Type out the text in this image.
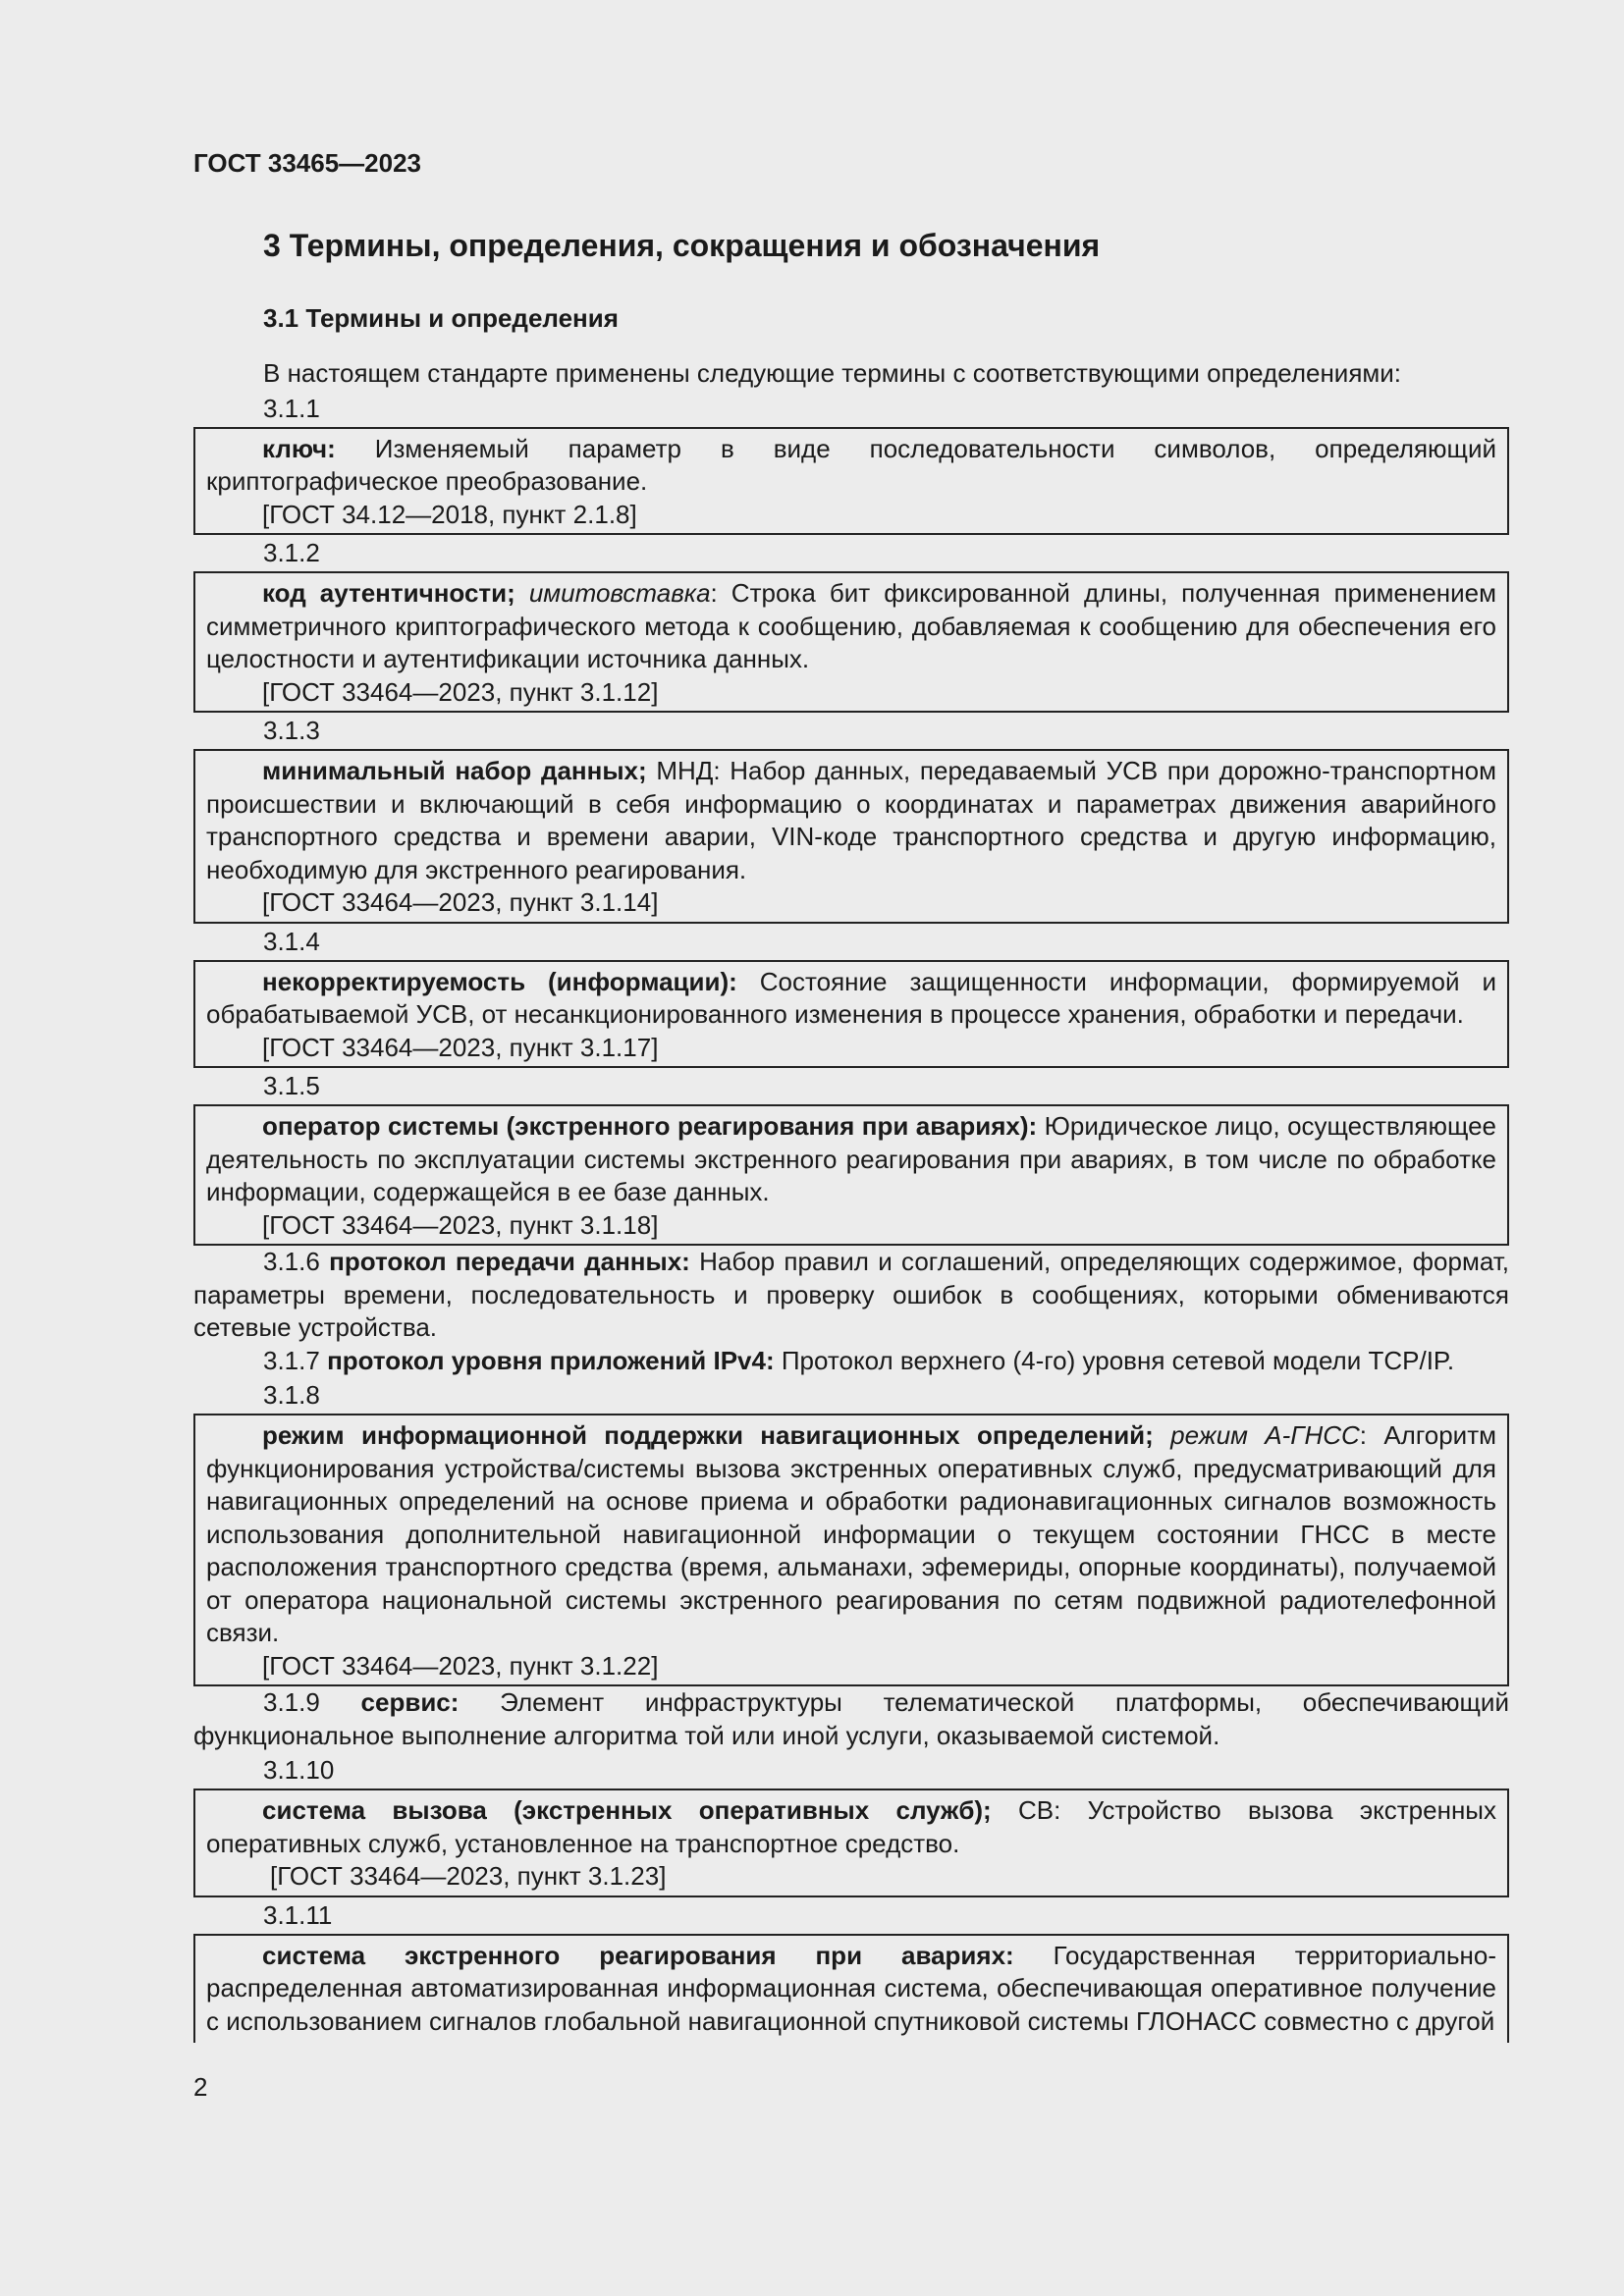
ГОСТ 33465—2023
3 Термины, определения, сокращения и обозначения
3.1 Термины и определения
В настоящем стандарте применены следующие термины с соответствующими определениями:
3.1.1

ключ: Изменяемый параметр в виде последовательности символов, определяющий криптографическое преобразование.

[ГОСТ 34.12—2018, пункт 2.1.8]
3.1.2

код аутентичности; имитовставка: Строка бит фиксированной длины, полученная применением симметричного криптографического метода к сообщению, добавляемая к сообщению для обеспечения его целостности и аутентификации источника данных.

[ГОСТ 33464—2023, пункт 3.1.12]
3.1.3

минимальный набор данных; МНД: Набор данных, передаваемый УСВ при дорожно-транспортном происшествии и включающий в себя информацию о координатах и параметрах движения аварийного транспортного средства и времени аварии, VIN-коде транспортного средства и другую информацию, необходимую для экстренного реагирования.

[ГОСТ 33464—2023, пункт 3.1.14]
3.1.4

некорректируемость (информации): Состояние защищенности информации, формируемой и обрабатываемой УСВ, от несанкционированного изменения в процессе хранения, обработки и передачи.

[ГОСТ 33464—2023, пункт 3.1.17]
3.1.5

оператор системы (экстренного реагирования при авариях): Юридическое лицо, осуществляющее деятельность по эксплуатации системы экстренного реагирования при авариях, в том числе по обработке информации, содержащейся в ее базе данных.

[ГОСТ 33464—2023, пункт 3.1.18]

3.1.6 протокол передачи данных: Набор правил и соглашений, определяющих содержимое, формат, параметры времени, последовательность и проверку ошибок в сообщениях, которыми обмениваются сетевые устройства.

3.1.7 протокол уровня приложений IPv4: Протокол верхнего (4-го) уровня сетевой модели TCP/IP.

3.1.8

режим информационной поддержки навигационных определений; режим А-ГНСС: Алгоритм функционирования устройства/системы вызова экстренных оперативных служб, предусматривающий для навигационных определений на основе приема и обработки радионавигационных сигналов возможность использования дополнительной навигационной информации о текущем состоянии ГНСС в месте расположения транспортного средства (время, альманахи, эфемериды, опорные координаты), получаемой от оператора национальной системы экстренного реагирования по сетям подвижной радиотелефонной связи.

[ГОСТ 33464—2023, пункт 3.1.22]

3.1.9 сервис: Элемент инфраструктуры телематической платформы, обеспечивающий функциональное выполнение алгоритма той или иной услуги, оказываемой системой.

3.1.10

система вызова (экстренных оперативных служб); СВ: Устройство вызова экстренных оперативных служб, установленное на транспортное средство.

[ГОСТ 33464—2023, пункт 3.1.23]
3.1.11

система экстренного реагирования при авариях: Государственная территориально-распределенная автоматизированная информационная система, обеспечивающая оперативное получение с использованием сигналов глобальной навигационной спутниковой системы ГЛОНАСС совместно с другой

2
